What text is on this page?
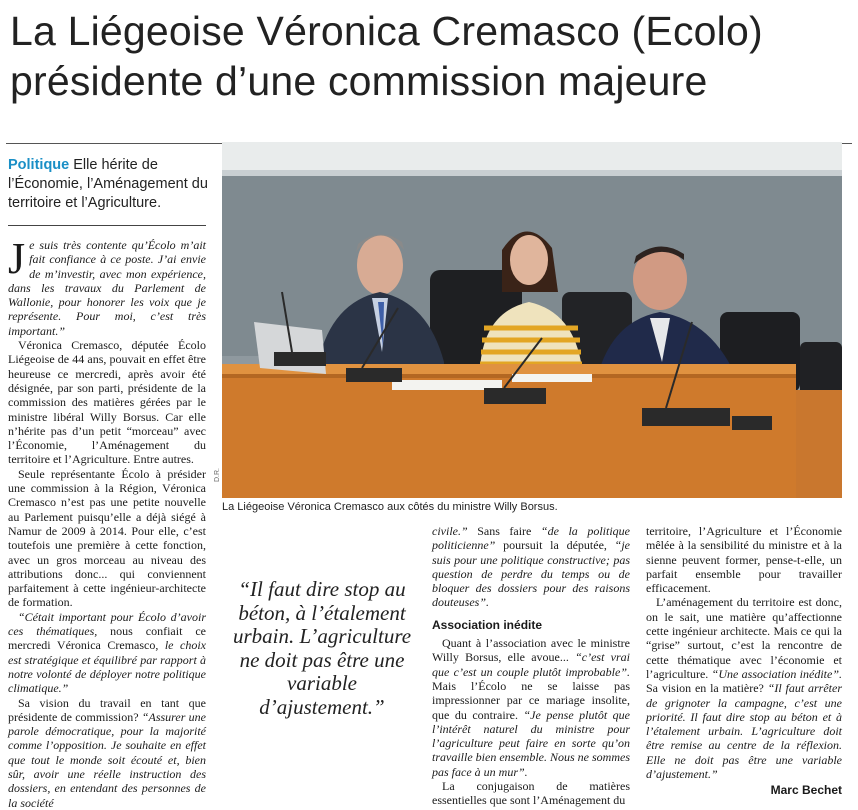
La Liégeoise Véronica Cremasco (Ecolo)
présidente d’une commission majeure
Politique Elle hérite de l’Économie, l’Aménagement du territoire et l’Agriculture.

Je suis très contente qu’Écolo m’ait fait confiance à ce poste. J’ai envie de m’investir, avec mon expérience, dans les travaux du Parlement de Wallonie, pour honorer les voix que je représente. Pour moi, c’est très important.”

Véronica Cremasco, députée Écolo Liégeoise de 44 ans, pouvait en effet être heureuse ce mercredi, après avoir été désignée, par son parti, présidente de la commission des matières gérées par le ministre libéral Willy Borsus. Car elle n’hérite pas d’un petit “morceau” avec l’Économie, l’Aménagement du territoire et l’Agriculture. Entre autres.

Seule représentante Écolo à présider une commission à la Région, Véronica Cremasco n’est pas une petite nouvelle au Parlement puisqu’elle a déjà siégé à Namur de 2009 à 2014. Pour elle, c’est toutefois une première à cette fonction, avec un gros morceau au niveau des attributions donc... qui conviennent parfaitement à cette ingénieur-architecte de formation.

“Cétait important pour Écolo d’avoir ces thématiques, nous confiait ce mercredi Véronica Cremasco, le choix est stratégique et équilibré par rapport à notre volonté de déployer notre politique climatique.”

Sa vision du travail en tant que présidente de commission? “Assurer une parole démocratique, pour la majorité comme l’opposition. Je souhaite en effet que tout le monde soit écouté et, bien sûr, avoir une réelle instruction des dossiers, en entendant des personnes de la société

D.R.
La Liégeoise Véronica Cremasco aux côtés du ministre Willy Borsus.
“Il faut dire stop au béton, à l’étalement urbain. L’agriculture ne doit pas être une variable d’ajustement.”

civile.” Sans faire “de la politique politicienne” poursuit la députée, “je suis pour une politique constructive; pas question de perdre du temps ou de bloquer des dossiers pour des raisons douteuses”.

Association inédite

Quant à l’association avec le ministre Willy Borsus, elle avoue... “c’est vrai que c’est un couple plutôt improbable”. Mais l’Écolo ne se laisse pas impressionner par ce mariage insolite, que du contraire. “Je pense plutôt que l’intérêt naturel du ministre pour l’agriculture peut faire en sorte qu’on travaille bien ensemble. Nous ne sommes pas face à un mur”.

La conjugaison de matières essentielles que sont l’Aménagement du

territoire, l’Agriculture et l’Économie mêlée à la sensibilité du ministre et à la sienne peuvent former, pense-t-elle, un parfait ensemble pour travailler efficacement.

L’aménagement du territoire est donc, on le sait, une matière qu’affectionne cette ingénieur architecte. Mais ce qui la “grise” surtout, c’est la rencontre de cette thématique avec l’économie et l’agriculture. “Une association inédite”. Sa vision en la matière? “Il faut arrêter de grignoter la campagne, c’est une priorité. Il faut dire stop au béton et à l’étalement urbain. L’agriculture doit être remise au centre de la réflexion. Elle ne doit pas être une variable d’ajustement.”

Marc Bechet
